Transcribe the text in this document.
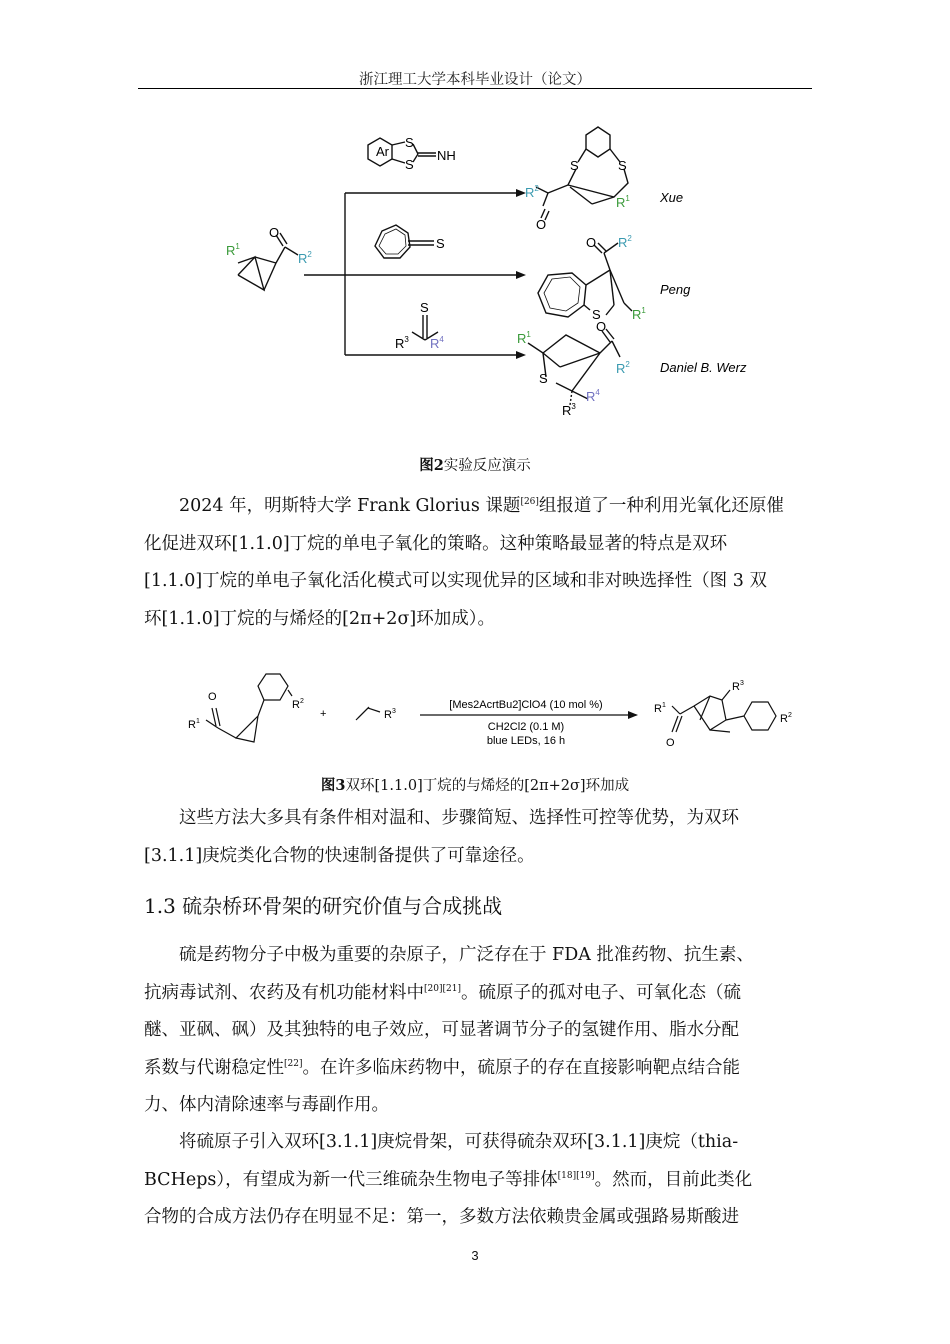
浙江理工大学本科毕业设计（论文）
Ar
S
S
NH
S
S
$R^3$ $R^4$
$R^1$
$R^2$
O
S	S
$R^2$
$R^1$
O
O $R^2$
S $R^1$
$R^1$
O
$R^2$
S
$R^4$
$R^3$
Xue
Peng
Daniel B. Werz
图2实验反应演示

2024 年，明斯特大学 Frank Glorius 课题[26]组报道了一种利用光氧化还原催

化促进双环[1.1.0]丁烷的单电子氧化的策略。这种策略最显著的特点是双环

[1.1.0]丁烷的单电子氧化活化模式可以实现优异的区域和非对映选择性（图 3 双

环[1.1.0]丁烷的与烯烃的[2π+2σ]环加成）。

O
$R^1$
$R^2$
+	$R^3$
[Mes2AcrtBu2]ClO4 (10 mol %)
CH2Cl2 (0.1 M)
blue LEDs, 16 h
$R^1$
O
$R^3$
$R^2$
图3双环[1.1.0]丁烷的与烯烃的[2π+2σ]环加成

这些方法大多具有条件相对温和、步骤简短、选择性可控等优势，为双环

[3.1.1]庚烷类化合物的快速制备提供了可靠途径。

1.3 硫杂桥环骨架的研究价值与合成挑战

硫是药物分子中极为重要的杂原子，广泛存在于 FDA 批准药物、抗生素、

抗病毒试剂、农药及有机功能材料中[20][21]。硫原子的孤对电子、可氧化态（硫

醚、亚砜、砜）及其独特的电子效应，可显著调节分子的氢键作用、脂水分配

系数与代谢稳定性[22]。在许多临床药物中，硫原子的存在直接影响靶点结合能

力、体内清除速率与毒副作用。

将硫原子引入双环[3.1.1]庚烷骨架，可获得硫杂双环[3.1.1]庚烷（thia-

BCHeps），有望成为新一代三维硫杂生物电子等排体[18][19]。然而，目前此类化

合物的合成方法仍存在明显不足：第一，多数方法依赖贵金属或强路易斯酸进

3
